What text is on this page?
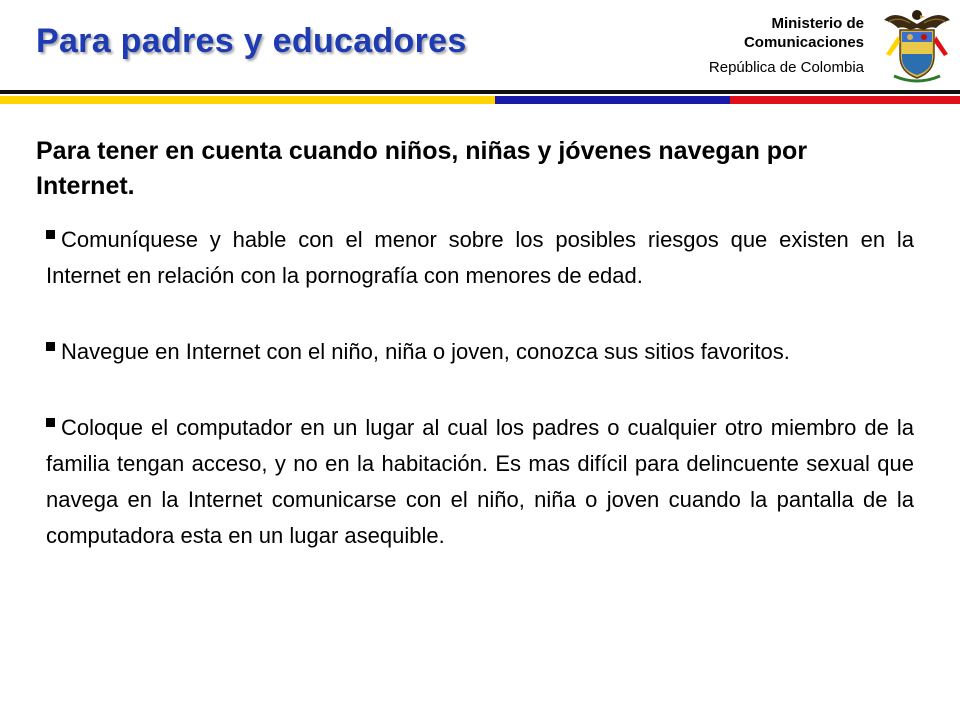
Para padres y educadores	Ministerio de
Comunicaciones
República de Colombia
Para tener en cuenta cuando niños, niñas y jóvenes navegan por Internet.
Comuníquese y hable con el menor sobre los posibles riesgos que existen en la Internet en relación con la pornografía con menores de edad.
Navegue en Internet con el niño, niña o joven, conozca sus sitios favoritos.
Coloque el computador en un lugar al cual los padres o cualquier otro miembro de la familia tengan acceso, y no en la habitación. Es mas difícil para delincuente sexual que navega en la Internet comunicarse con el niño, niña o joven cuando la pantalla de la computadora esta en un lugar asequible.
